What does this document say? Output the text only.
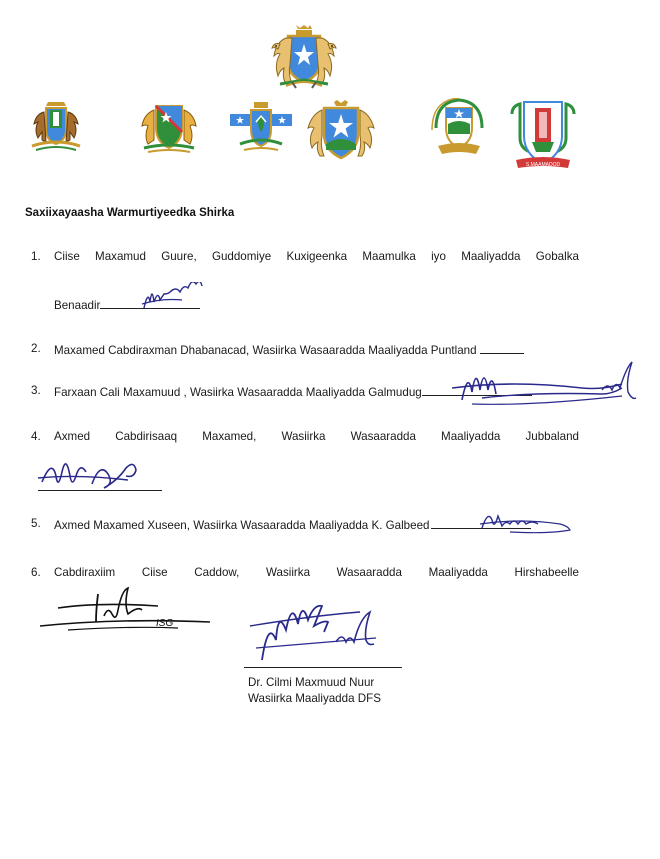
S.MAAMADOD
Saxiixayaasha Warmurtiyeedka Shirka
1. Ciise Maxamud Guure, Guddomiye Kuxigeenka Maamulka iyo Maaliyadda Gobalka
Benaadir
2. Maxamed Cabdiraxman Dhabanacad, Wasiirka Wasaaradda Maaliyadda Puntland
3. Farxaan Cali Maxamuud , Wasiirka Wasaaradda Maaliyadda Galmudug
4. Axmed Cabdirisaaq Maxamed, Wasiirka Wasaaradda Maaliyadda Jubbaland
5. Axmed Maxamed Xuseen, Wasiirka Wasaaradda Maaliyadda K. Galbeed
6. Cabdiraxiim Ciise Caddow, Wasiirka Wasaaradda Maaliyadda Hirshabeelle
ISG
Dr. Cilmi Maxmuud Nuur
Wasiirka Maaliyadda DFS
